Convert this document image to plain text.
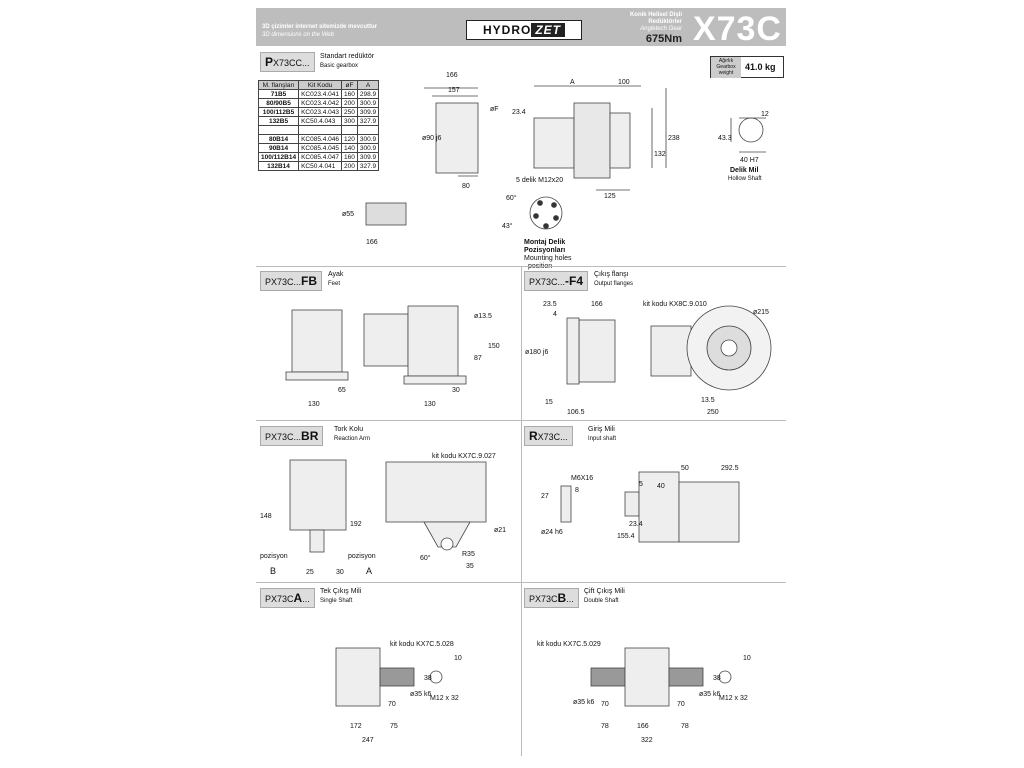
3D çizimler internet sitemizde mevcuttur
3D dimensions on the Web	HYDRO ZET
Konik Helisel Dişli
Redüktörler
Angletech Gear
675Nm X73C
PX73CC...
Standart redüktör
Basic gearbox
M. flanşları	Kit Kodu	øF	A
71B5	KC023.4.041	160	298.9
80/90B5	KC023.4.042	200	300.9
100/112B5	KC023.4.043	250	309.9
132B5	KC50.4.043	300	327.9

80B14	KC085.4.046	120	300.9
90B14	KC085.4.045	140	300.9
100/112B14	KC085.4.047	160	309.9
132B14	KC50.4.041	200	327.9
Ağırlık
Gearbox
weight
41.0 kg
166
ø55
166
157
80
ø90 j6
øF
A	100
23.4
132
238
125
12
43.3
40 H7
5 delik M12x20
60°
43°
Montaj Delik
Pozisyonları
Mounting holes
Delik Mil
Hollow Shaft
PX73C...FB	Ayak
Feet
ø13.5
87
150
65
130
30
130
PX73C...-F4	Çıkış flanşı
Output flanges
kit kodu KX8C.9.010
23.5	166
4
ø180 j6
15
106.5
ø215
13.5
250
PX73C...BR	Tork Kolu
Reaction Arm
kit kodu KX7C.9.027
148
192
25	30
ø21
R35
35
60°
pozisyon	pozisyon
B	A
RX73C...
Giriş Mili
Input shaft
50	292.5
M6X16
5 40
8
27
ø24 h6
155.4
23.4
PX73CA...
Tek Çıkış Mili
Single Shaft
kit kodu KX7C.5.028
10
38
ø35 k6
70
M12 x 32
172	75
247
PX73CB...
Çift Çıkış Mili
Double Shaft
kit kodu KX7C.5.029
10
38
ø35 k6 70	70
ø35 k6
M12 x 32
78	166	78
322
